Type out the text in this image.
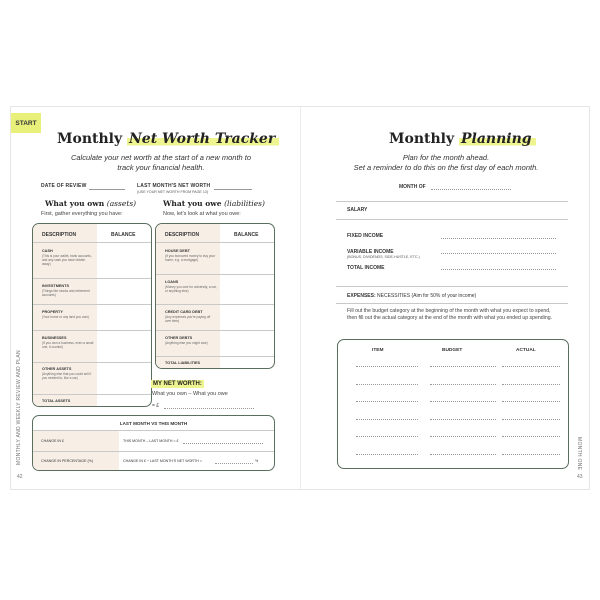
START
Monthly Net Worth Tracker
Calculate your net worth at the start of a new month to
track your financial health.
DATE OF REVIEW	LAST MONTH'S NET WORTH
(USE YOUR NET WORTH FROM PAGE 13)
What you own (assets)
First, gather everything you have:
What you owe (liabilities)
Now, let's look at what you owe:
DESCRIPTION	BALANCE
CASH
(This is your wallet, bank accounts, and any cash you have hidden away)
INVESTMENTS
(Things like stocks and retirement accounts)
PROPERTY
(Your home or any land you own)
BUSINESSES
(If you own a business, even a small one, it counts!)
OTHER ASSETS
(Anything else that you could sell if you needed to, like a car)
TOTAL ASSETS
DESCRIPTION	BALANCE
HOUSE DEBT
(If you borrowed money to buy your home, e.g. a mortgage)
LOANS
(Money you owe for university, a car, or anything else)
CREDIT CARD DEBT
(Any expenses you're paying off over time)
OTHER DEBTS
(Anything else you might owe)
TOTAL LIABILITIES
MY NET WORTH:
What you own – What you owe
= £
LAST MONTH VS THIS MONTH
CHANGE IN £	THIS MONTH – LAST MONTH = £
CHANGE IN PERCENTAGE (%)	CHANGE IN £ ÷ LAST MONTH'S NET WORTH =	%
MONTHLY AND WEEKLY REVIEW AND PLAN
42
Monthly Planning
Plan for the month ahead.
Set a reminder to do this on the first day of each month.
MONTH OF
SALARY
FIXED INCOME
VARIABLE INCOME
(BONUS, DIVIDENDS, SIDE-HUSTLE, ETC.)
TOTAL INCOME
EXPENSES: NECESSITIES (Aim for 50% of your income)
Fill out the budget category at the beginning of the month with what you expect to spend, then fill out the actual category at the end of the month with what you ended up spending.
ITEM	BUDGET	ACTUAL
MONTH ONE
43
